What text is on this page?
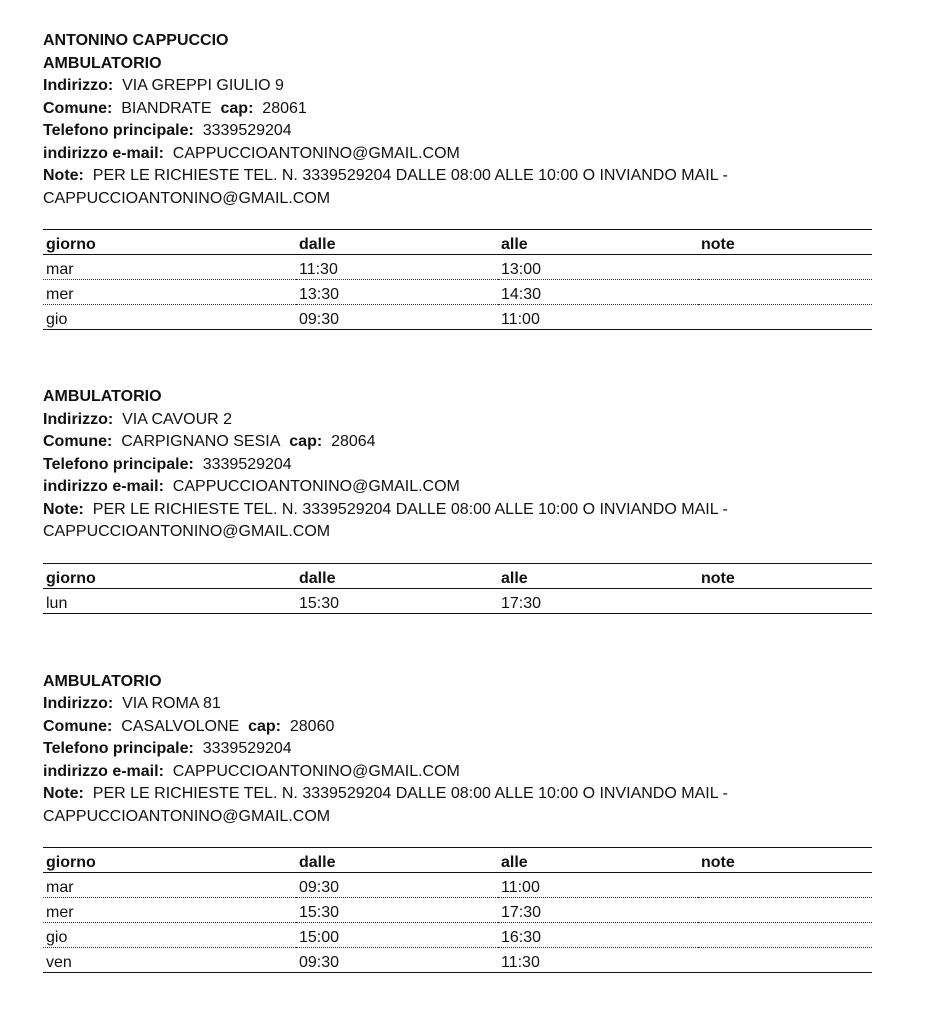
ANTONINO CAPPUCCIO
AMBULATORIO
Indirizzo: VIA GREPPI GIULIO 9
Comune: BIANDRATE cap: 28061
Telefono principale: 3339529204
indirizzo e-mail: CAPPUCCIOANTONINO@GMAIL.COM
Note: PER LE RICHIESTE TEL. N. 3339529204 DALLE 08:00 ALLE 10:00 O INVIANDO MAIL -
CAPPUCCIOANTONINO@GMAIL.COM
giorno	dalle	alle	note
mar	11:30	13:00	
mer	13:30	14:30	
gio	09:30	11:00	
AMBULATORIO
Indirizzo: VIA CAVOUR 2
Comune: CARPIGNANO SESIA cap: 28064
Telefono principale: 3339529204
indirizzo e-mail: CAPPUCCIOANTONINO@GMAIL.COM
Note: PER LE RICHIESTE TEL. N. 3339529204 DALLE 08:00 ALLE 10:00 O INVIANDO MAIL -
CAPPUCCIOANTONINO@GMAIL.COM
giorno	dalle	alle	note
lun	15:30	17:30	
AMBULATORIO
Indirizzo: VIA ROMA 81
Comune: CASALVOLONE cap: 28060
Telefono principale: 3339529204
indirizzo e-mail: CAPPUCCIOANTONINO@GMAIL.COM
Note: PER LE RICHIESTE TEL. N. 3339529204 DALLE 08:00 ALLE 10:00 O INVIANDO MAIL -
CAPPUCCIOANTONINO@GMAIL.COM
giorno	dalle	alle	note
mar	09:30	11:00	
mer	15:30	17:30	
gio	15:00	16:30	
ven	09:30	11:30	
